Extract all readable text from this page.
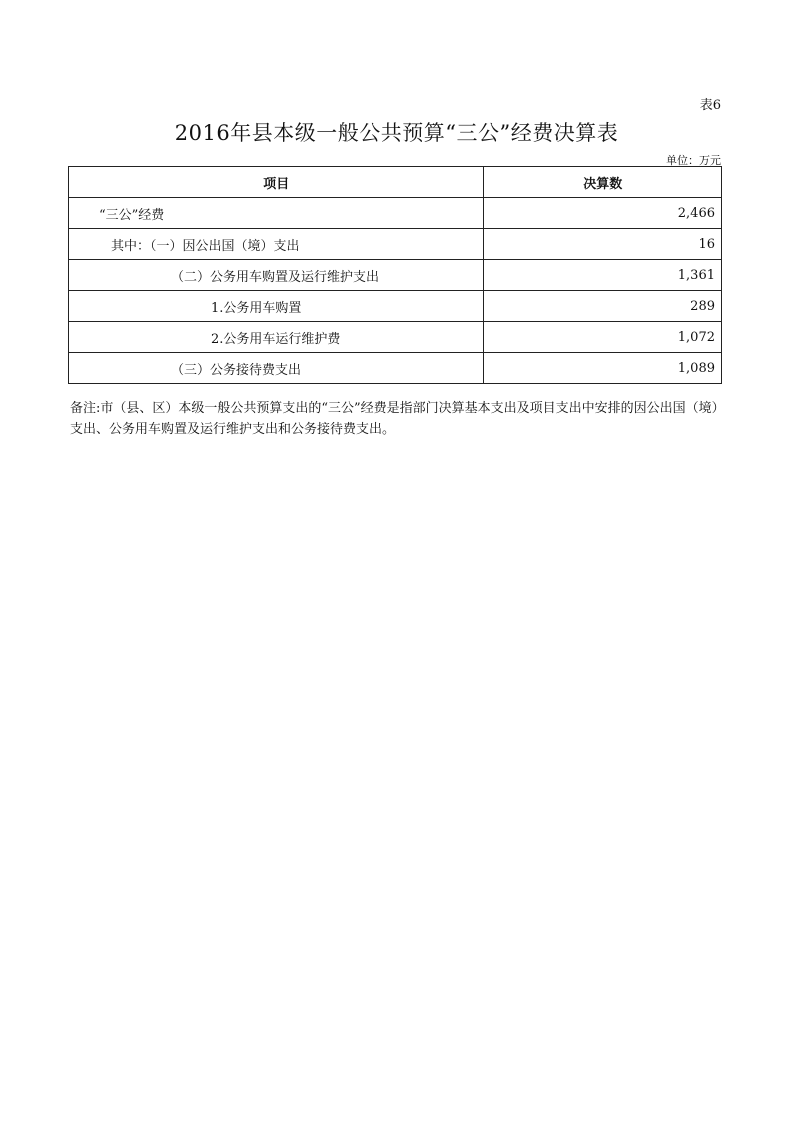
表6
2016年县本级一般公共预算“三公”经费决算表
单位：万元
项目	决算数
“三公”经费	2,466
其中：（一）因公出国（境）支出	16
（二）公务用车购置及运行维护支出	1,361
1.公务用车购置	289
2.公务用车运行维护费	1,072
（三）公务接待费支出	1,089
备注:市（县、区）本级一般公共预算支出的“三公”经费是指部门决算基本支出及项目支出中安排的因公出国（境）支出、公务用车购置及运行维护支出和公务接待费支出。
